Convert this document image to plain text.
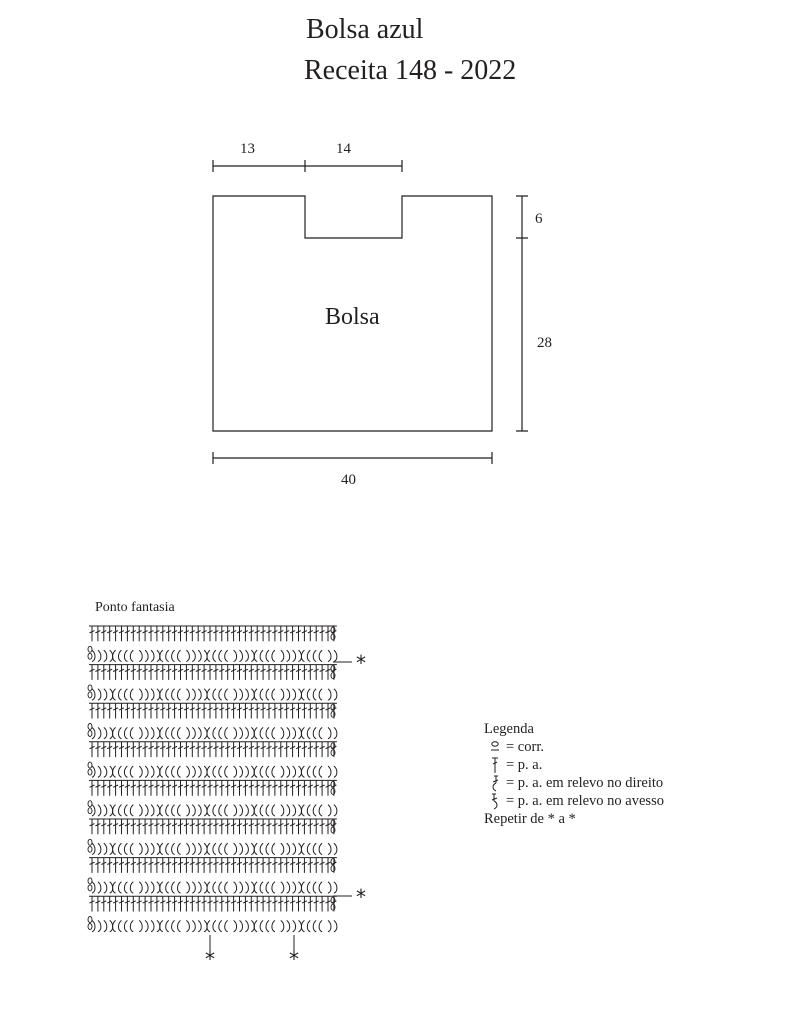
Bolsa azul
Receita 148 - 2022
13	14
6
28
40
Bolsa
Ponto fantasia
*
*
*	*
Legenda
= corr.
= p. a.
= p. a. em relevo no direito
= p. a. em relevo no avesso
Repetir de * a *
